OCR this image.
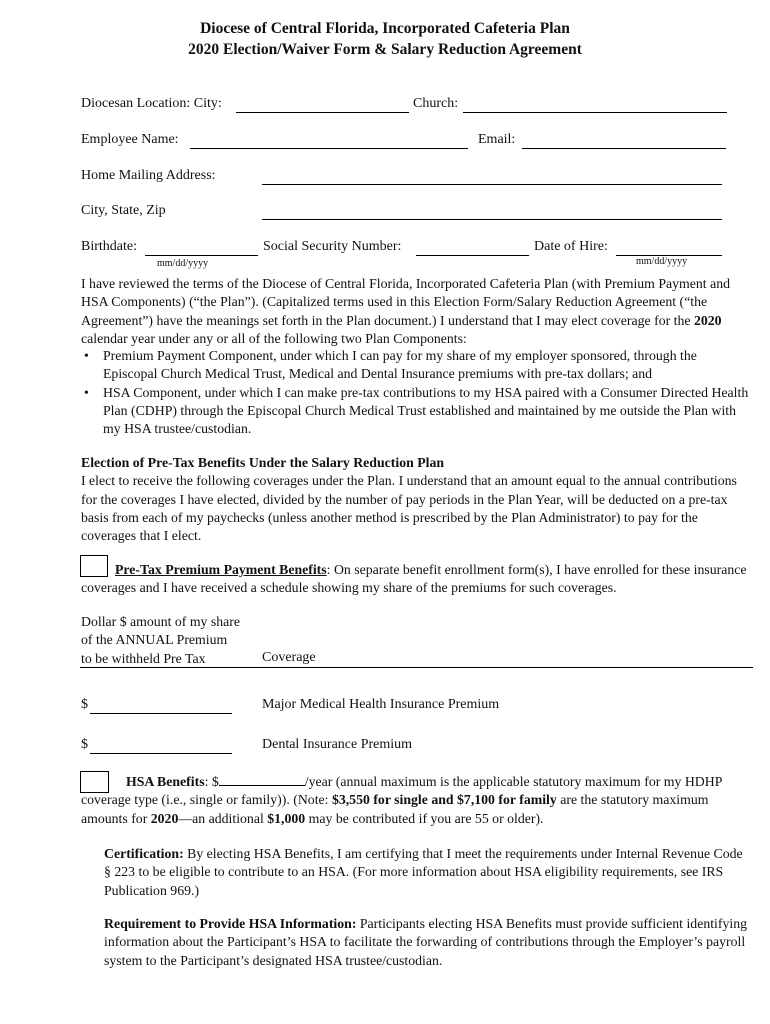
Diocese of Central Florida, Incorporated Cafeteria Plan
2020 Election/Waiver Form & Salary Reduction Agreement
Diocesan Location: City:	Church:
Employee Name:	Email:
Home Mailing Address:
City, State, Zip
Birthdate:
mm/dd/yyyy
Social Security Number:	Date of Hire:
mm/dd/yyyy

I have reviewed the terms of the Diocese of Central Florida, Incorporated Cafeteria Plan (with Premium Payment and HSA Components) (“the Plan”). (Capitalized terms used in this Election Form/Salary Reduction Agreement (“the Agreement”) have the meanings set forth in the Plan document.) I understand that I may elect coverage for the 2020 calendar year under any or all of the following two Plan Components:

• Premium Payment Component, under which I can pay for my share of my employer sponsored, through the Episcopal Church Medical Trust, Medical and Dental Insurance premiums with pre-tax dollars; and
• HSA Component, under which I can make pre-tax contributions to my HSA paired with a Consumer Directed Health Plan (CDHP) through the Episcopal Church Medical Trust established and maintained by me outside the Plan with my HSA trustee/custodian.

Election of Pre-Tax Benefits Under the Salary Reduction Plan

I elect to receive the following coverages under the Plan. I understand that an amount equal to the annual contributions for the coverages I have elected, divided by the number of pay periods in the Plan Year, will be deducted on a pre-tax basis from each of my paychecks (unless another method is prescribed by the Plan Administrator) to pay for the coverages that I elect.

Pre-Tax Premium Payment Benefits: On separate benefit enrollment form(s), I have enrolled for these insurance coverages and I have received a schedule showing my share of the premiums for such coverages.

Dollar $ amount of my share

of the ANNUAL Premium

to be withheld Pre Tax	Coverage
$	Major Medical Health Insurance Premium
$	Dental Insurance Premium

HSA Benefits: $	/year (annual maximum is the applicable statutory maximum for my HDHP coverage type (i.e., single or family)). (Note: $3,550 for single and $7,100 for family are the statutory maximum amounts for 2020—an additional $1,000 may be contributed if you are 55 or older).

Certification: By electing HSA Benefits, I am certifying that I meet the requirements under Internal Revenue Code § 223 to be eligible to contribute to an HSA. (For more information about HSA eligibility requirements, see IRS Publication 969.)

Requirement to Provide HSA Information: Participants electing HSA Benefits must provide sufficient identifying information about the Participant’s HSA to facilitate the forwarding of contributions through the Employer’s payroll system to the Participant’s designated HSA trustee/custodian.
